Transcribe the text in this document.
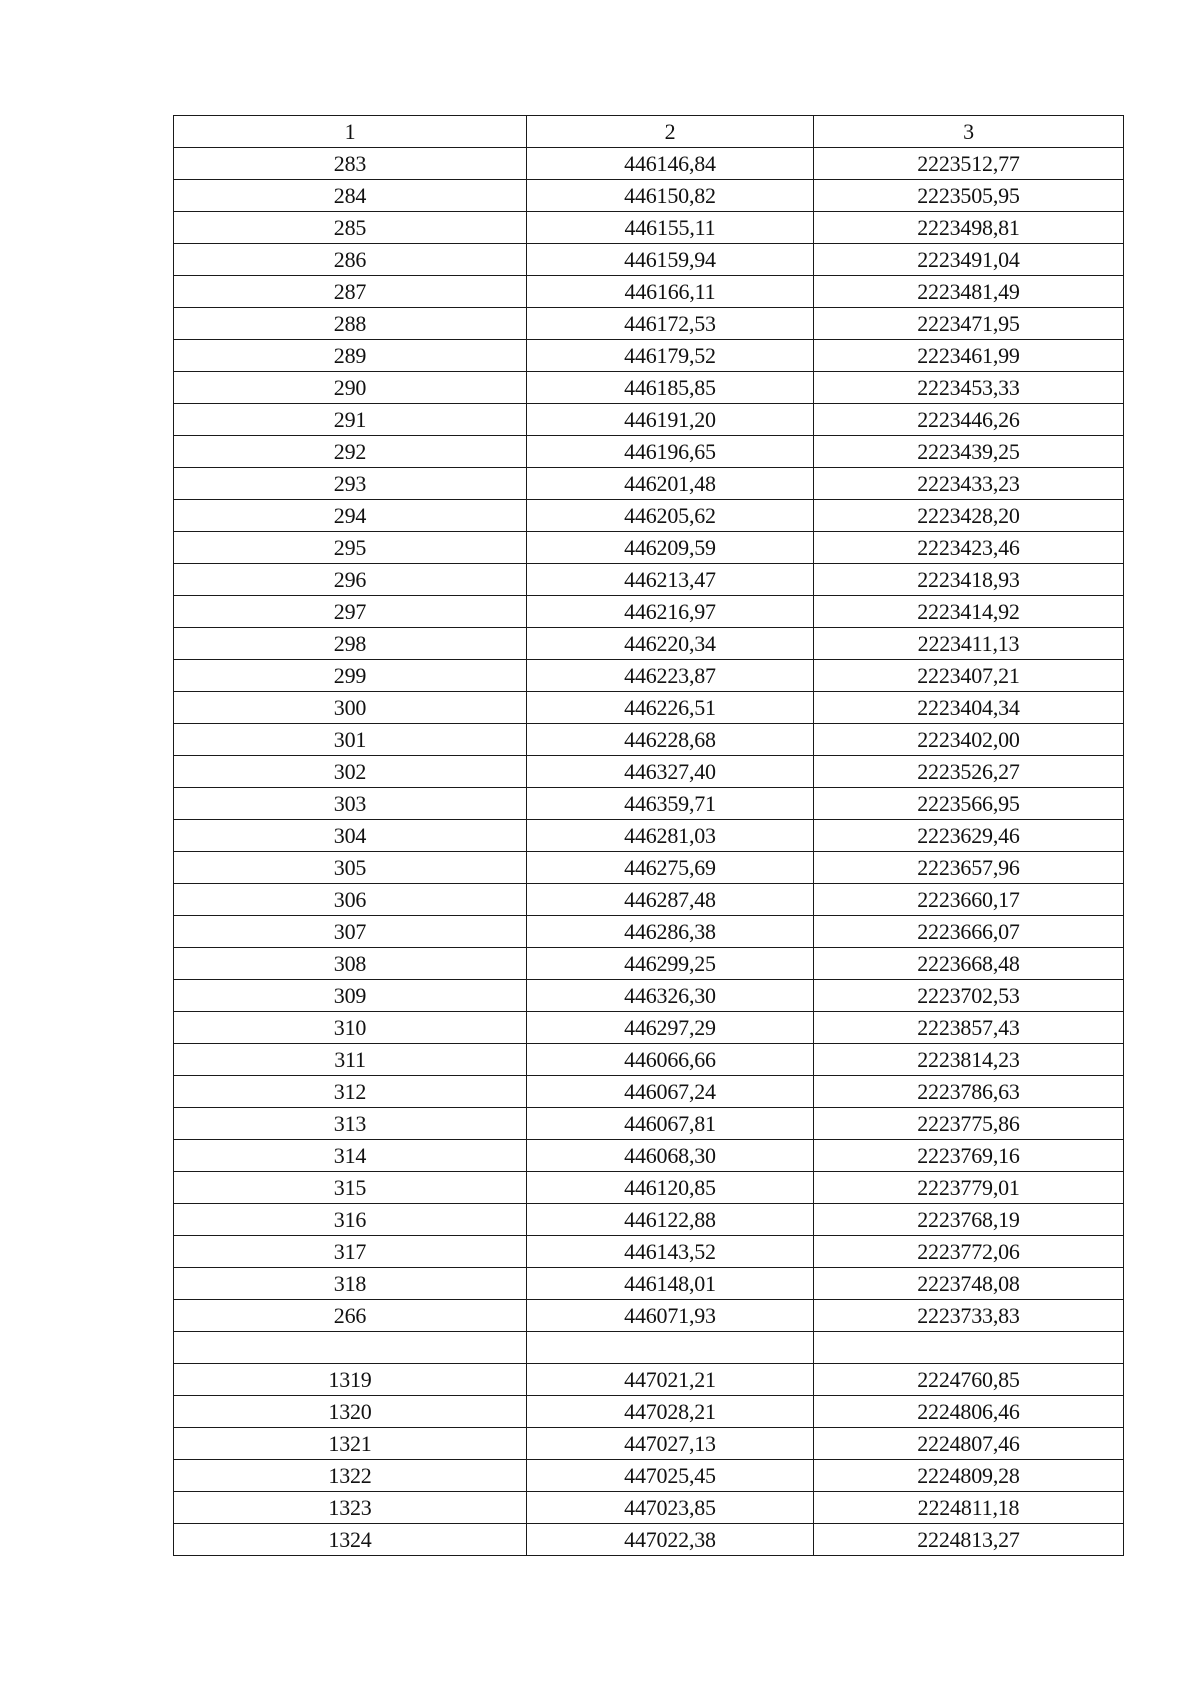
1	2	3
283	446146,84	2223512,77
284	446150,82	2223505,95
285	446155,11	2223498,81
286	446159,94	2223491,04
287	446166,11	2223481,49
288	446172,53	2223471,95
289	446179,52	2223461,99
290	446185,85	2223453,33
291	446191,20	2223446,26
292	446196,65	2223439,25
293	446201,48	2223433,23
294	446205,62	2223428,20
295	446209,59	2223423,46
296	446213,47	2223418,93
297	446216,97	2223414,92
298	446220,34	2223411,13
299	446223,87	2223407,21
300	446226,51	2223404,34
301	446228,68	2223402,00
302	446327,40	2223526,27
303	446359,71	2223566,95
304	446281,03	2223629,46
305	446275,69	2223657,96
306	446287,48	2223660,17
307	446286,38	2223666,07
308	446299,25	2223668,48
309	446326,30	2223702,53
310	446297,29	2223857,43
311	446066,66	2223814,23
312	446067,24	2223786,63
313	446067,81	2223775,86
314	446068,30	2223769,16
315	446120,85	2223779,01
316	446122,88	2223768,19
317	446143,52	2223772,06
318	446148,01	2223748,08
266	446071,93	2223733,83

1319	447021,21	2224760,85
1320	447028,21	2224806,46
1321	447027,13	2224807,46
1322	447025,45	2224809,28
1323	447023,85	2224811,18
1324	447022,38	2224813,27
